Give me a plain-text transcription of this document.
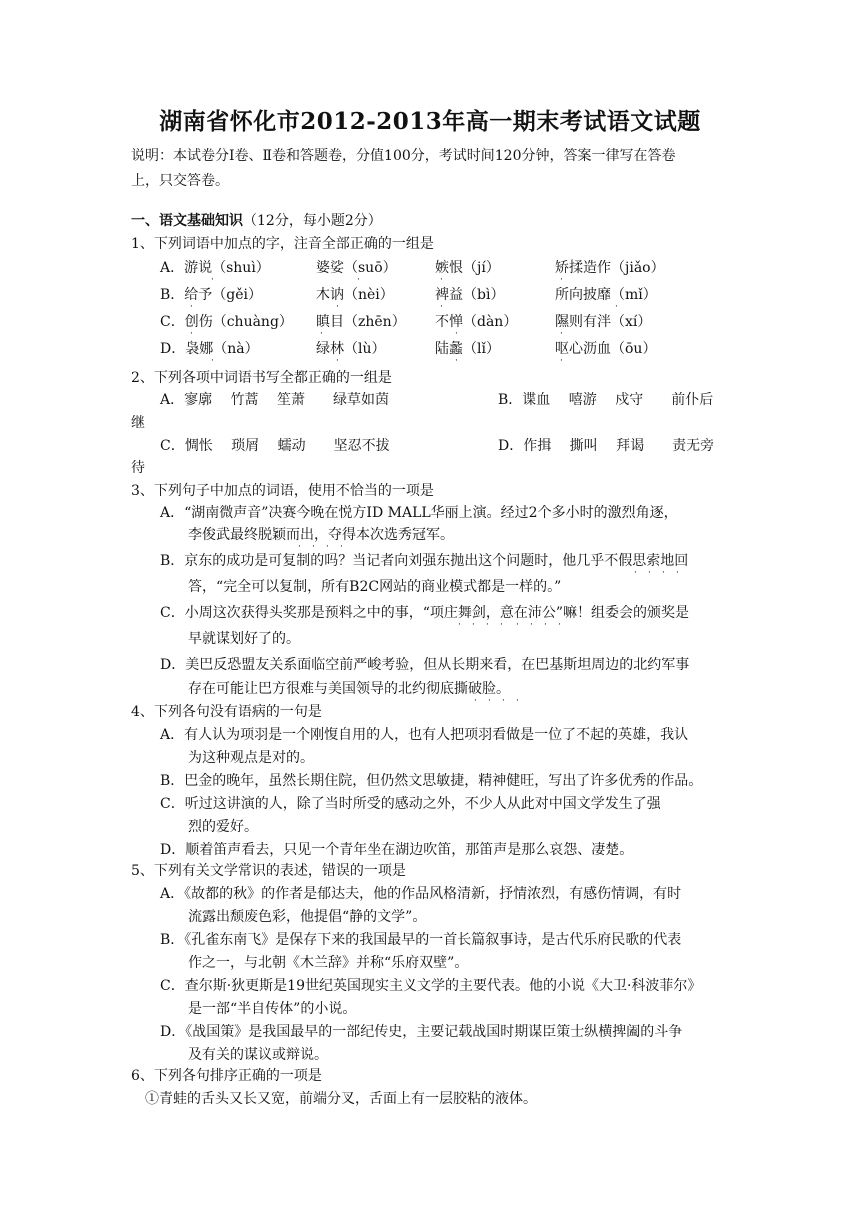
湖南省怀化市2012-2013年高一期末考试语文试题
说明：本试卷分Ⅰ卷、Ⅱ卷和答题卷，分值100分，考试时间120分钟，答案一律写在答卷
上，只交答卷。
一、语文基础知识（12分，每小题2分）
1、下列词语中加点的字，注音全部正确的一组是
A．游说（shuì）	婆娑（suō）	嫉恨（jí）	矫揉造作（jiǎo）
B．给予（gěi）	木讷（nèi）	裨益（bì）	所向披靡（mǐ）
C．创伤（chuàng） 瞋目（zhēn） 不惮（dàn）	隰则有泮（xí）
D．袅娜（nà）	绿林（lù）	陆蠡（lǐ）	呕心沥血（ōu）
·	·	·	·
·	·	·	·
·	·	·	·
·	·	·	·
2、下列各项中词语书写全都正确的一组是
A．寥廓　 竹蒿　 笙萧　　绿草如茵	B．谍血　 嘻游　 戍守　　前仆后
继
C．惆怅　 琐屑　 蠕动　　坚忍不拔	D．作揖　 撕叫　 拜谒　　责无旁
待
3、下列句子中加点的词语，使用不恰当的一项是
A．“湖南微声音”决赛今晚在悦方ID MALL华丽上演。经过2个多小时的激烈角逐，
李俊武最终脱颖而出，夺得本次选秀冠军。
B．京东的成功是可复制的吗？当记者向刘强东抛出这个问题时，他几乎不假思索地回
答，“完全可以复制，所有B2C网站的商业模式都是一样的。”
C．小周这次获得头奖那是预料之中的事，“项庄舞剑，意在沛公”嘛！组委会的颁奖是
早就谋划好了的。
D．美巴反恐盟友关系面临空前严峻考验，但从长期来看，在巴基斯坦周边的北约军事
存在可能让巴方很难与美国领导的北约彻底撕破脸。
· · · ·
· · · ·
· · · · · · · ·
· · · ·
4、下列各句没有语病的一句是
A．有人认为项羽是一个刚愎自用的人，也有人把项羽看做是一位了不起的英雄，我认
为这种观点是对的。
B．巴金的晚年，虽然长期住院，但仍然文思敏捷，精神健旺，写出了许多优秀的作品。
C．听过这讲演的人，除了当时所受的感动之外，不少人从此对中国文学发生了强
烈的爱好。
D．顺着笛声看去，只见一个青年坐在湖边吹笛，那笛声是那么哀怨、凄楚。
5、下列有关文学常识的表述，错误的一项是
A．《故都的秋》的作者是郁达夫，他的作品风格清新，抒情浓烈，有感伤情调，有时
流露出颓废色彩，他提倡“静的文学”。
B．《孔雀东南飞》是保存下来的我国最早的一首长篇叙事诗，是古代乐府民歌的代表
作之一，与北朝《木兰辞》并称“乐府双壁”。
C．查尔斯·狄更斯是19世纪英国现实主义文学的主要代表。他的小说《大卫·科波菲尔》
是一部“半自传体”的小说。
D．《战国策》是我国最早的一部纪传史，主要记载战国时期谋臣策士纵横捭阖的斗争
及有关的谋议或辩说。
6、下列各句排序正确的一项是
①青蛙的舌头又长又宽，前端分叉，舌面上有一层胶粘的液体。
